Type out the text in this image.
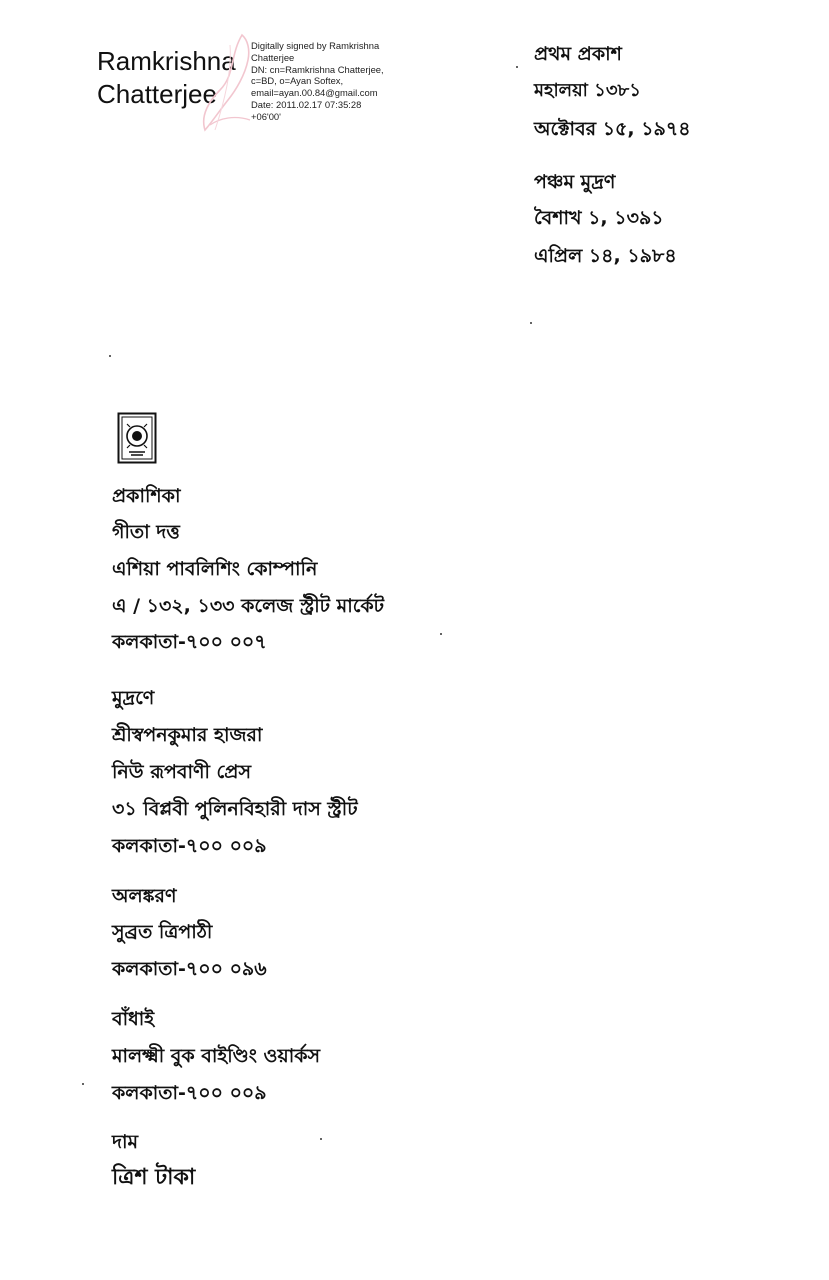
Ramkrishna
Chatterjee
Digitally signed by Ramkrishna
Chatterjee
DN: cn=Ramkrishna Chatterjee,
c=BD, o=Ayan Softex,
email=ayan.00.84@gmail.com
Date: 2011.02.17 07:35:28
+06'00'
প্রথম প্রকাশ
মহালয়া ১৩৮১
অক্টোবর ১৫, ১৯৭৪
পঞ্চম মুদ্রণ
বৈশাখ ১, ১৩৯১
এপ্রিল ১৪, ১৯৮৪
প্রকাশিকা
গীতা দত্ত
এশিয়া পাবলিশিং কোম্পানি
এ / ১৩২, ১৩৩ কলেজ স্ট্রীট মার্কেট
কলকাতা-৭০০ ০০৭
মুদ্রণে
শ্রীস্বপনকুমার হাজরা
নিউ রূপবাণী প্রেস
৩১ বিপ্লবী পুলিনবিহারী দাস স্ট্রীট
কলকাতা-৭০০ ০০৯
অলঙ্করণ
সুব্রত ত্রিপাঠী
কলকাতা-৭০০ ০৯৬
বাঁধাই
মালক্ষ্মী বুক বাইণ্ডিং ওয়ার্কস
কলকাতা-৭০০ ০০৯
দাম
ত্রিশ টাকা
